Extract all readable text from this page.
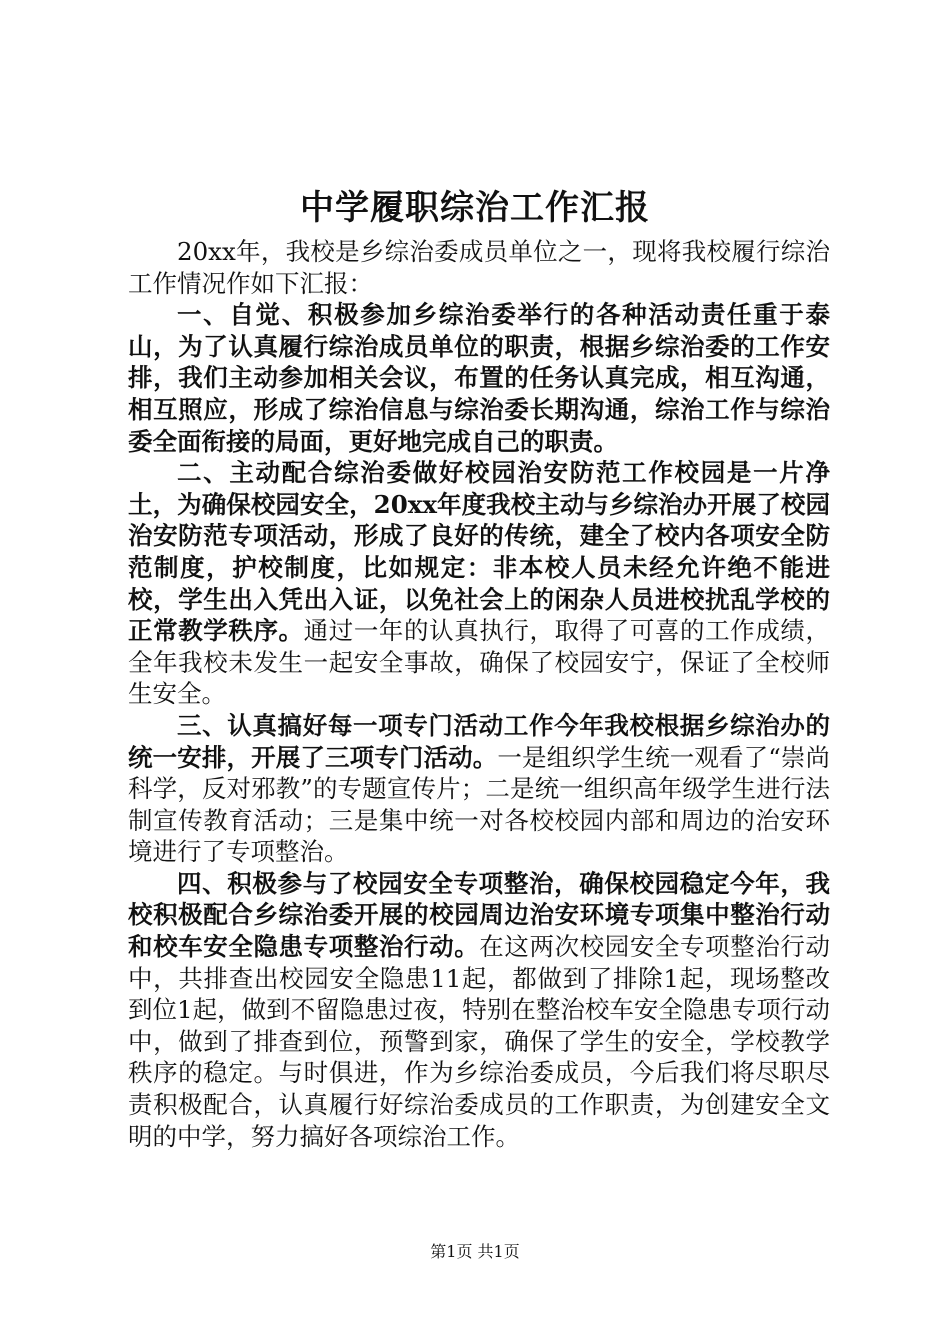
中学履职综治工作汇报

20xx年，我校是乡综治委成员单位之一，现将我校履行综治工作情况作如下汇报：

一、自觉、积极参加乡综治委举行的各种活动责任重于泰山，为了认真履行综治成员单位的职责，根据乡综治委的工作安排，我们主动参加相关会议，布置的任务认真完成，相互沟通，相互照应，形成了综治信息与综治委长期沟通，综治工作与综治委全面衔接的局面，更好地完成自己的职责。

二、主动配合综治委做好校园治安防范工作校园是一片净土，为确保校园安全，20xx年度我校主动与乡综治办开展了校园治安防范专项活动，形成了良好的传统，建全了校内各项安全防范制度，护校制度，比如规定：非本校人员未经允许绝不能进校，学生出入凭出入证，以免社会上的闲杂人员进校扰乱学校的正常教学秩序。通过一年的认真执行，取得了可喜的工作成绩，全年我校未发生一起安全事故，确保了校园安宁，保证了全校师生安全。

三、认真搞好每一项专门活动工作今年我校根据乡综治办的统一安排，开展了三项专门活动。一是组织学生统一观看了“崇尚科学，反对邪教”的专题宣传片；二是统一组织高年级学生进行法制宣传教育活动；三是集中统一对各校校园内部和周边的治安环境进行了专项整治。

四、积极参与了校园安全专项整治，确保校园稳定今年，我校积极配合乡综治委开展的校园周边治安环境专项集中整治行动和校车安全隐患专项整治行动。在这两次校园安全专项整治行动中，共排查出校园安全隐患11起，都做到了排除1起，现场整改到位1起，做到不留隐患过夜，特别在整治校车安全隐患专项行动中，做到了排查到位，预警到家，确保了学生的安全，学校教学秩序的稳定。与时俱进，作为乡综治委成员，今后我们将尽职尽责积极配合，认真履行好综治委成员的工作职责，为创建安全文明的中学，努力搞好各项综治工作。

第1页 共1页
